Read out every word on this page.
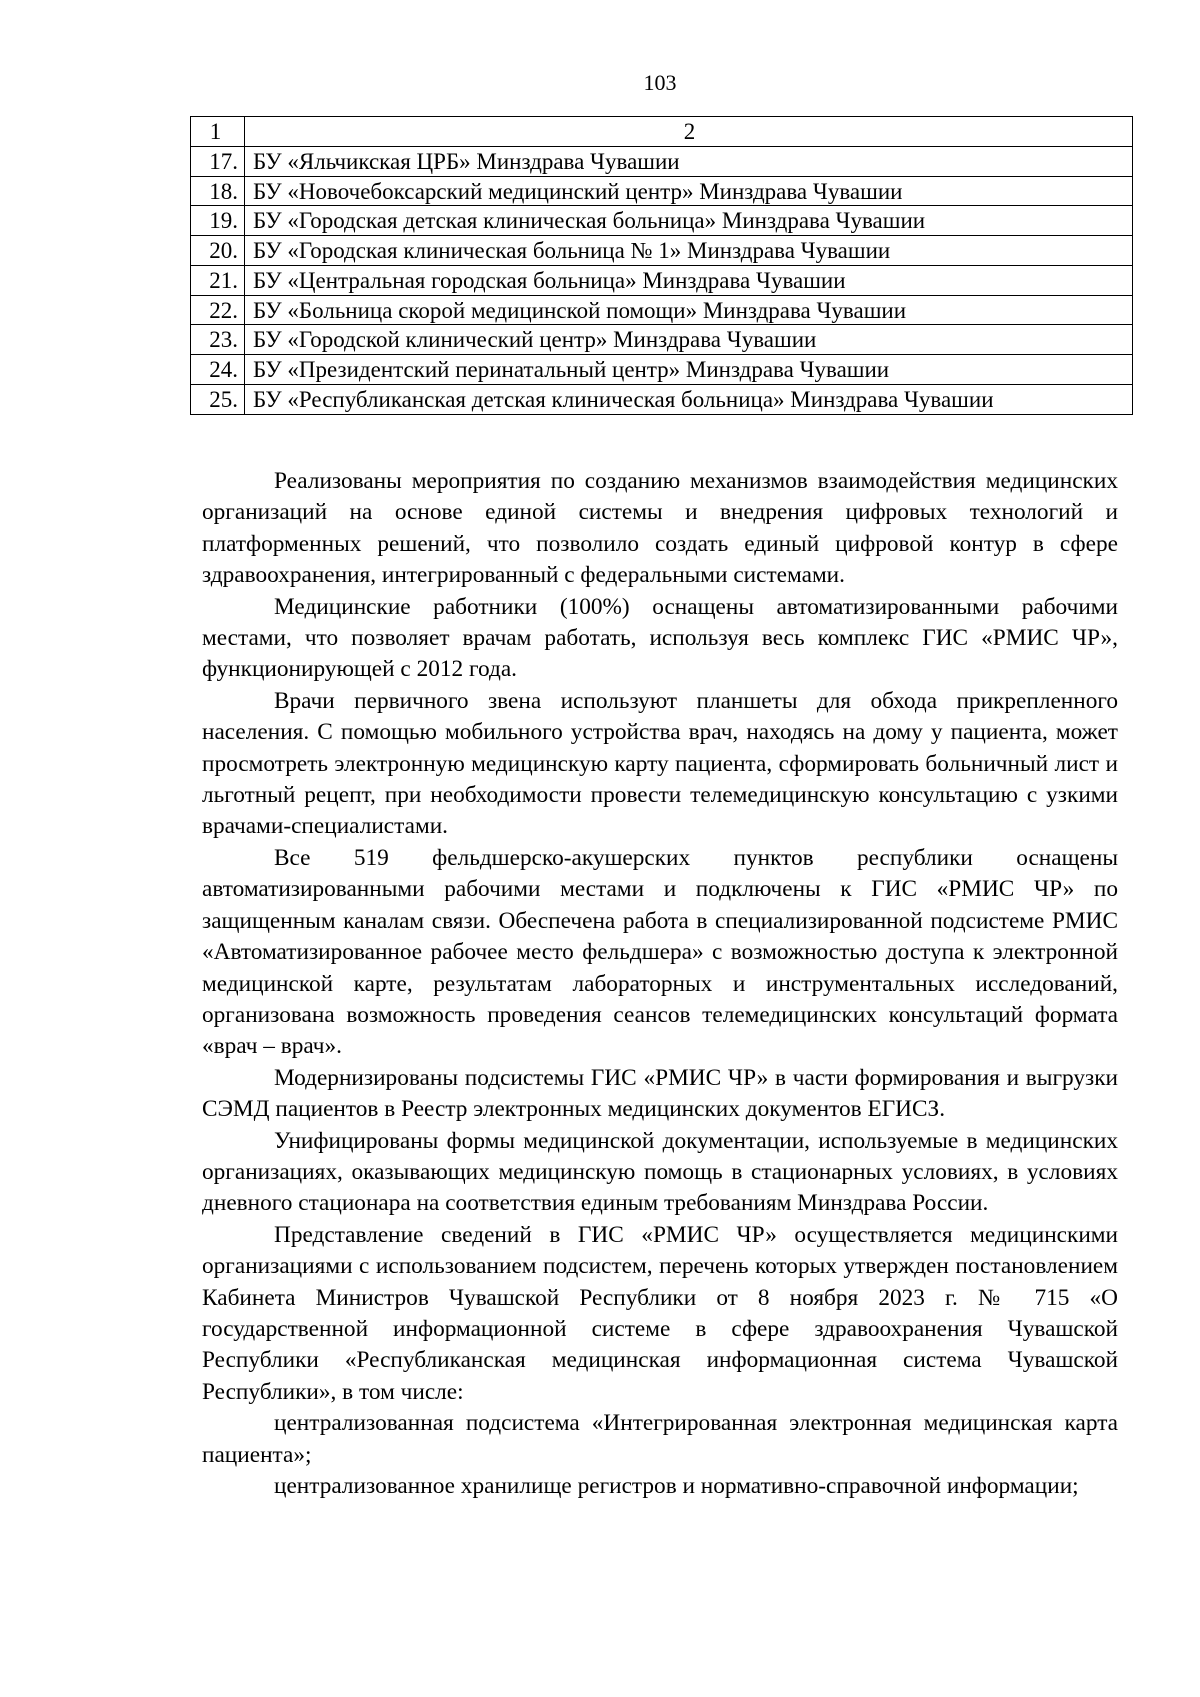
103
1	2
17.	БУ «Яльчикская ЦРБ» Минздрава Чувашии
18.	БУ «Новочебоксарский медицинский центр» Минздрава Чувашии
19.	БУ «Городская детская клиническая больница» Минздрава Чувашии
20.	БУ «Городская клиническая больница № 1» Минздрава Чувашии
21.	БУ «Центральная городская больница» Минздрава Чувашии
22.	БУ «Больница скорой медицинской помощи» Минздрава Чувашии
23.	БУ «Городской клинический центр» Минздрава Чувашии
24.	БУ «Президентский перинатальный центр» Минздрава Чувашии
25.	БУ «Республиканская детская клиническая больница» Минздрава Чувашии

Реализованы мероприятия по созданию механизмов взаимодействия медицинских организаций на основе единой системы и внедрения цифровых технологий и платформенных решений, что позволило создать единый цифровой контур в сфере здравоохранения, интегрированный с федеральными системами.

Медицинские работники (100%) оснащены автоматизированными рабочими местами, что позволяет врачам работать, используя весь комплекс ГИС «РМИС ЧР», функционирующей с 2012 года.

Врачи первичного звена используют планшеты для обхода прикрепленного населения. С помощью мобильного устройства врач, находясь на дому у пациента, может просмотреть электронную медицинскую карту пациента, сформировать больничный лист и льготный рецепт, при необходимости провести телемедицинскую консультацию с узкими врачами-специалистами.

Все 519 фельдшерско-акушерских пунктов республики оснащены автоматизированными рабочими местами и подключены к ГИС «РМИС ЧР» по защищенным каналам связи. Обеспечена работа в специализированной подсистеме РМИС «Автоматизированное рабочее место фельдшера» с возможностью доступа к электронной медицинской карте, результатам лабораторных и инструментальных исследований, организована возможность проведения сеансов телемедицинских консультаций формата «врач – врач».

Модернизированы подсистемы ГИС «РМИС ЧР» в части формирования и выгрузки СЭМД пациентов в Реестр электронных медицинских документов ЕГИСЗ.

Унифицированы формы медицинской документации, используемые в медицинских организациях, оказывающих медицинскую помощь в стационарных условиях, в условиях дневного стационара на соответствия единым требованиям Минздрава России.

Представление сведений в ГИС «РМИС ЧР» осуществляется медицинскими организациями с использованием подсистем, перечень которых утвержден постановлением Кабинета Министров Чувашской Республики от 8 ноября 2023 г. № 715 «О государственной информационной системе в сфере здравоохранения Чувашской Республики «Республиканская медицинская информационная система Чувашской Республики», в том числе:

централизованная подсистема «Интегрированная электронная медицинская карта пациента»;

централизованное хранилище регистров и нормативно-справочной информации;
